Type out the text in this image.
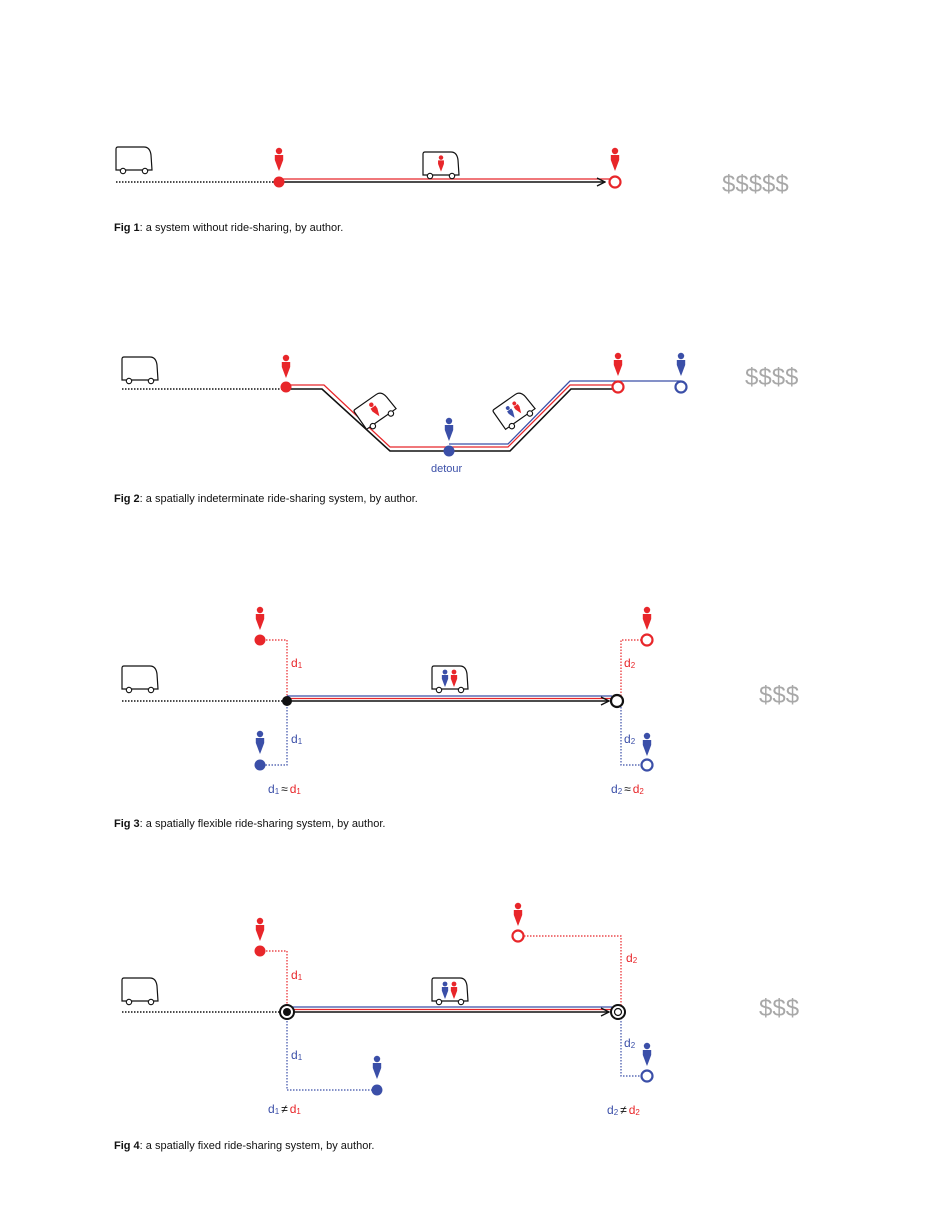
$$$$$
detour
$$$$
d1
d1
d2
d2
d1 ≈ d1	d2 ≈ d2
$$$
d1
d1
d2
d2
d1 ≠ d1	d2 ≠ d2
$$$
Fig 1: a system without ride-sharing, by author.
Fig 2: a spatially indeterminate ride-sharing system, by author.
Fig 3: a spatially flexible ride-sharing system, by author.
Fig 4: a spatially fixed ride-sharing system, by author.
